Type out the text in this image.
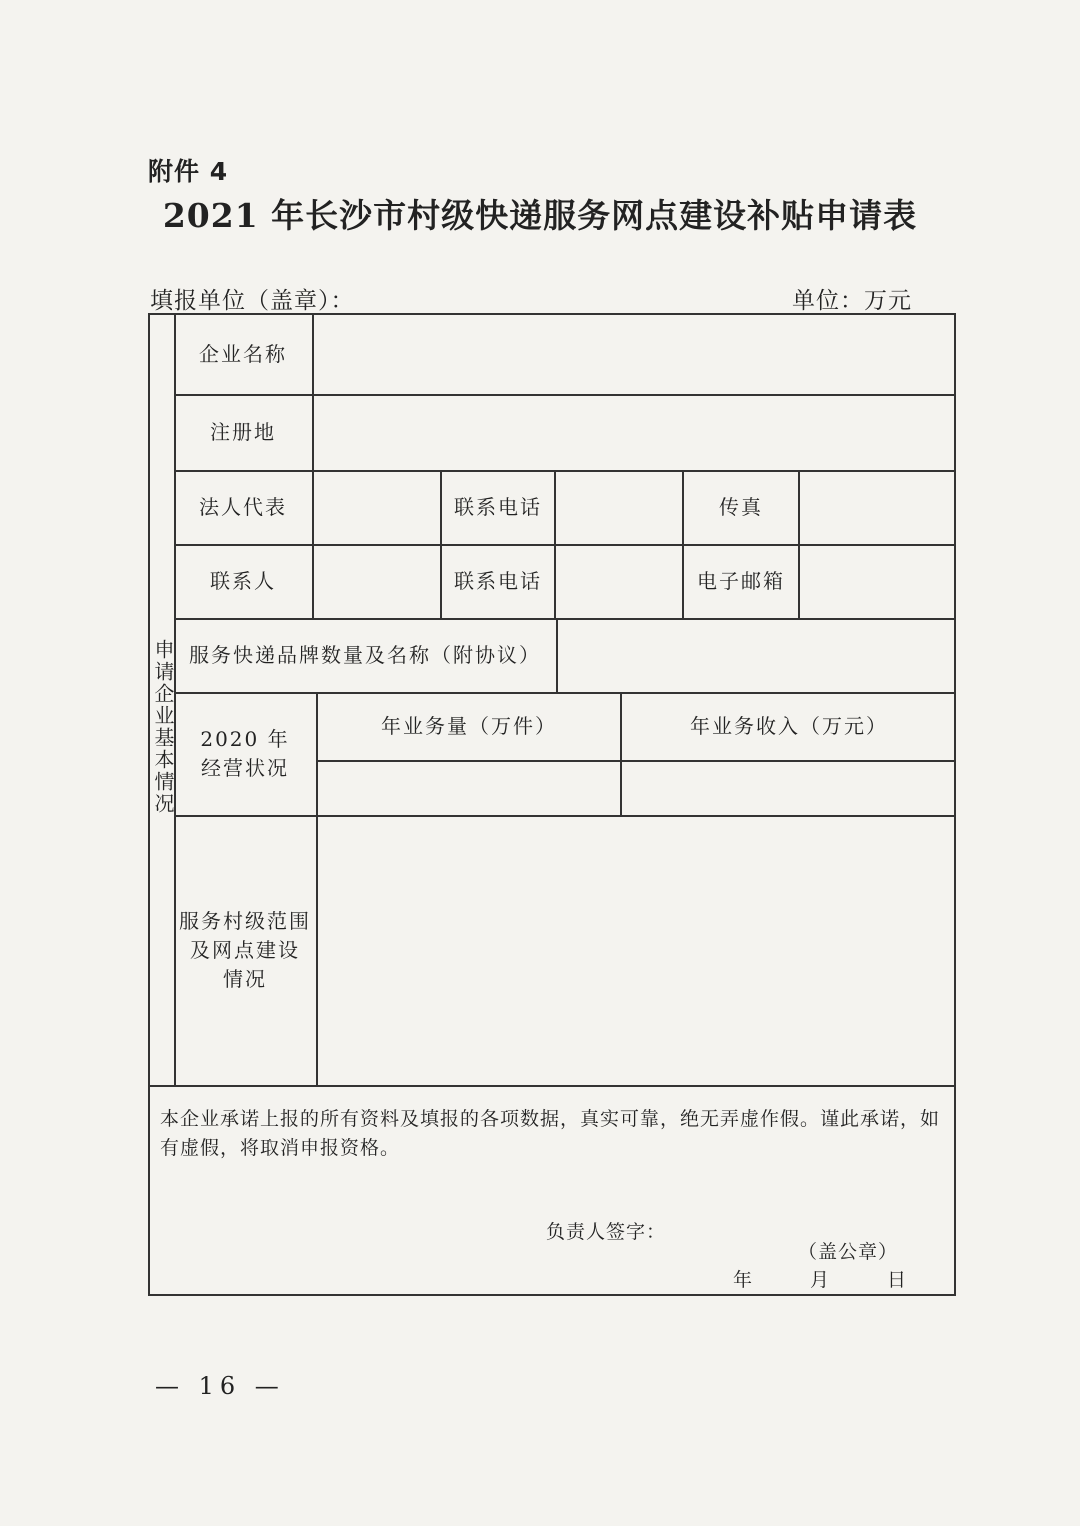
附件 4
2021 年长沙市村级快递服务网点建设补贴申请表
填报单位（盖章）：	单位：万元
申请企业基本情况
企业名称
注册地
法人代表	联系电话	传真
联系人	联系电话	电子邮箱
服务快递品牌数量及名称（附协议）
2020 年
经营状况
年业务量（万件）	年业务收入（万元）
服务村级范围
及网点建设
情况
本企业承诺上报的所有资料及填报的各项数据，真实可靠，绝无弄虚作假。谨此承诺，如有虚假，将取消申报资格。
负责人签字：
（盖公章）
年	月	日
— 16 —
